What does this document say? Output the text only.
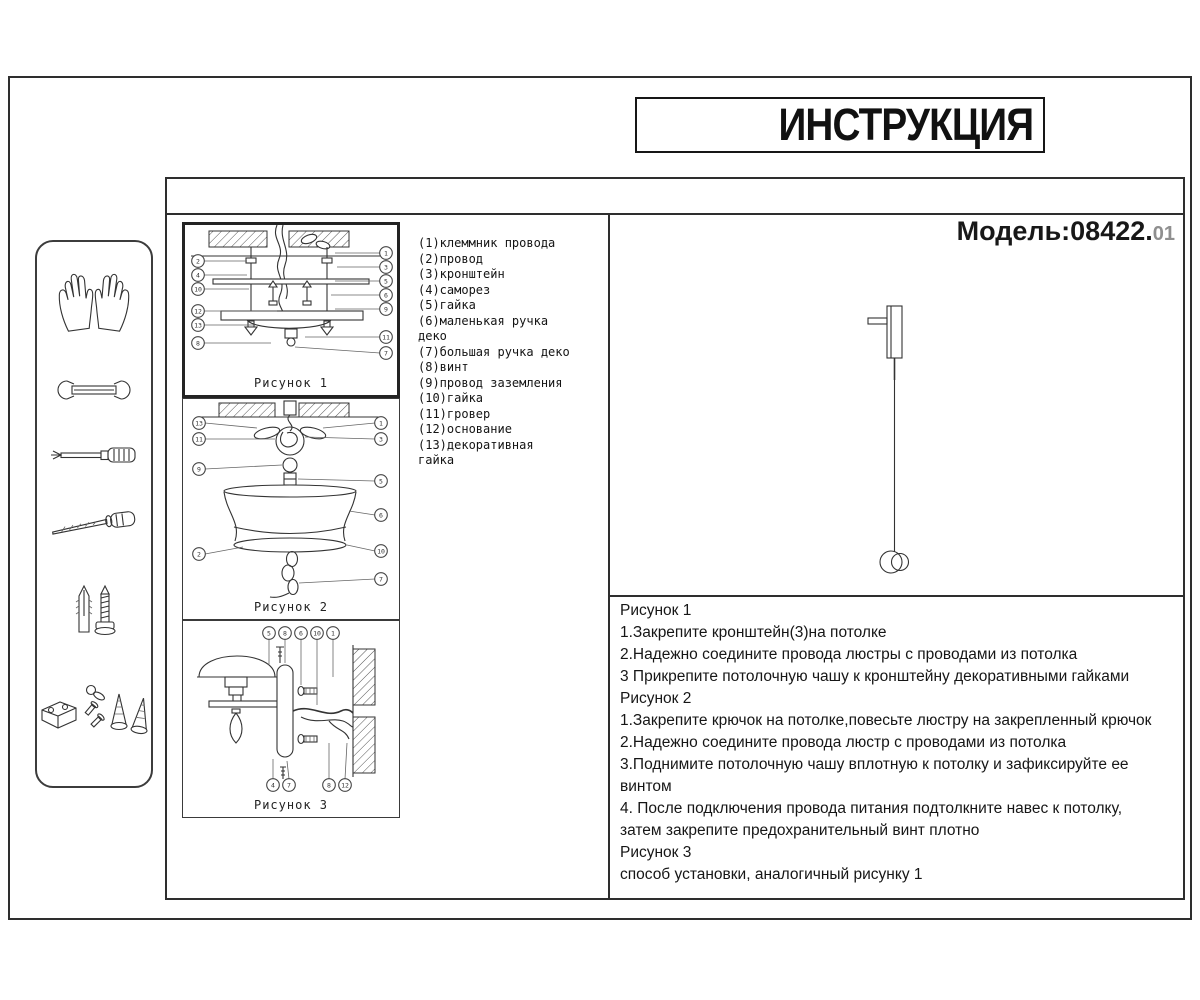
ИНСТРУКЦИЯ
Модель:08422.01
2
4
10
12
13
8
1
3
5
6
9
11
7
Рисунок 1
13
11
9
2
1
3
5
6
10
7
Рисунок 2
5 8 6 10 1
4 7	8 12
Рисунок 3
(1)клеммник провода
(2)провод
(3)кронштейн
(4)саморез
(5)гайка
(6)маленькая ручка деко
(7)большая ручка деко
(8)винт
(9)провод заземления
(10)гайка
(11)гровер
(12)основание
(13)декоративная гайка
Рисунок 1
1.Закрепите кронштейн(3)на потолке
2.Надежно соедините провода люстры с проводами из потолка
3 Прикрепите потолочную чашу к кронштейну декоративными гайками
Рисунок 2
1.Закрепите крючок на потолке,повесьте люстру на закрепленный крючок
2.Надежно соедините провода люстр с проводами из потолка
3.Поднимите потолочную чашу вплотную к потолку и зафиксируйте ее
винтом
4. После подключения провода питания подтолкните навес к потолку,
затем закрепите предохранительный винт плотно
Рисунок 3
способ установки, аналогичный рисунку 1
